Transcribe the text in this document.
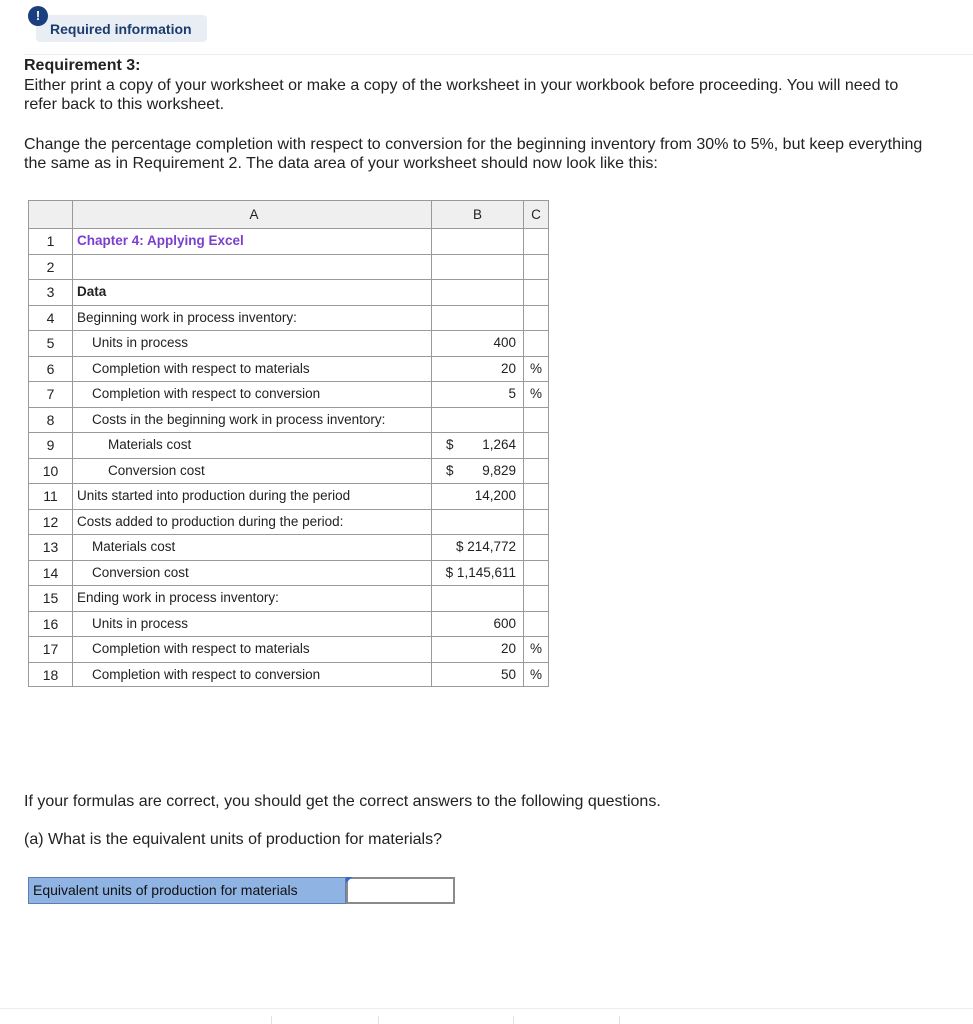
!
Required information
Requirement 3:
Either print a copy of your worksheet or make a copy of the worksheet in your workbook before proceeding. You will need to refer back to this worksheet.
Change the percentage completion with respect to conversion for the beginning inventory from 30% to 5%, but keep everything the same as in Requirement 2. The data area of your worksheet should now look like this:
A	B	C
1	Chapter 4: Applying Excel
2
3	Data
4	Beginning work in process inventory:
5	Units in process	400
6	Completion with respect to materials	20	%
7	Completion with respect to conversion	5	%
8	Costs in the beginning work in process inventory:
9	Materials cost	$ 1,264
10	Conversion cost	$ 9,829
11	Units started into production during the period	14,200
12	Costs added to production during the period:
13	Materials cost	$ 214,772
14	Conversion cost	$ 1,145,611
15	Ending work in process inventory:
16	Units in process	600
17	Completion with respect to materials	20	%
18	Completion with respect to conversion	50	%
If your formulas are correct, you should get the correct answers to the following questions.
(a) What is the equivalent units of production for materials?
Equivalent units of production for materials
